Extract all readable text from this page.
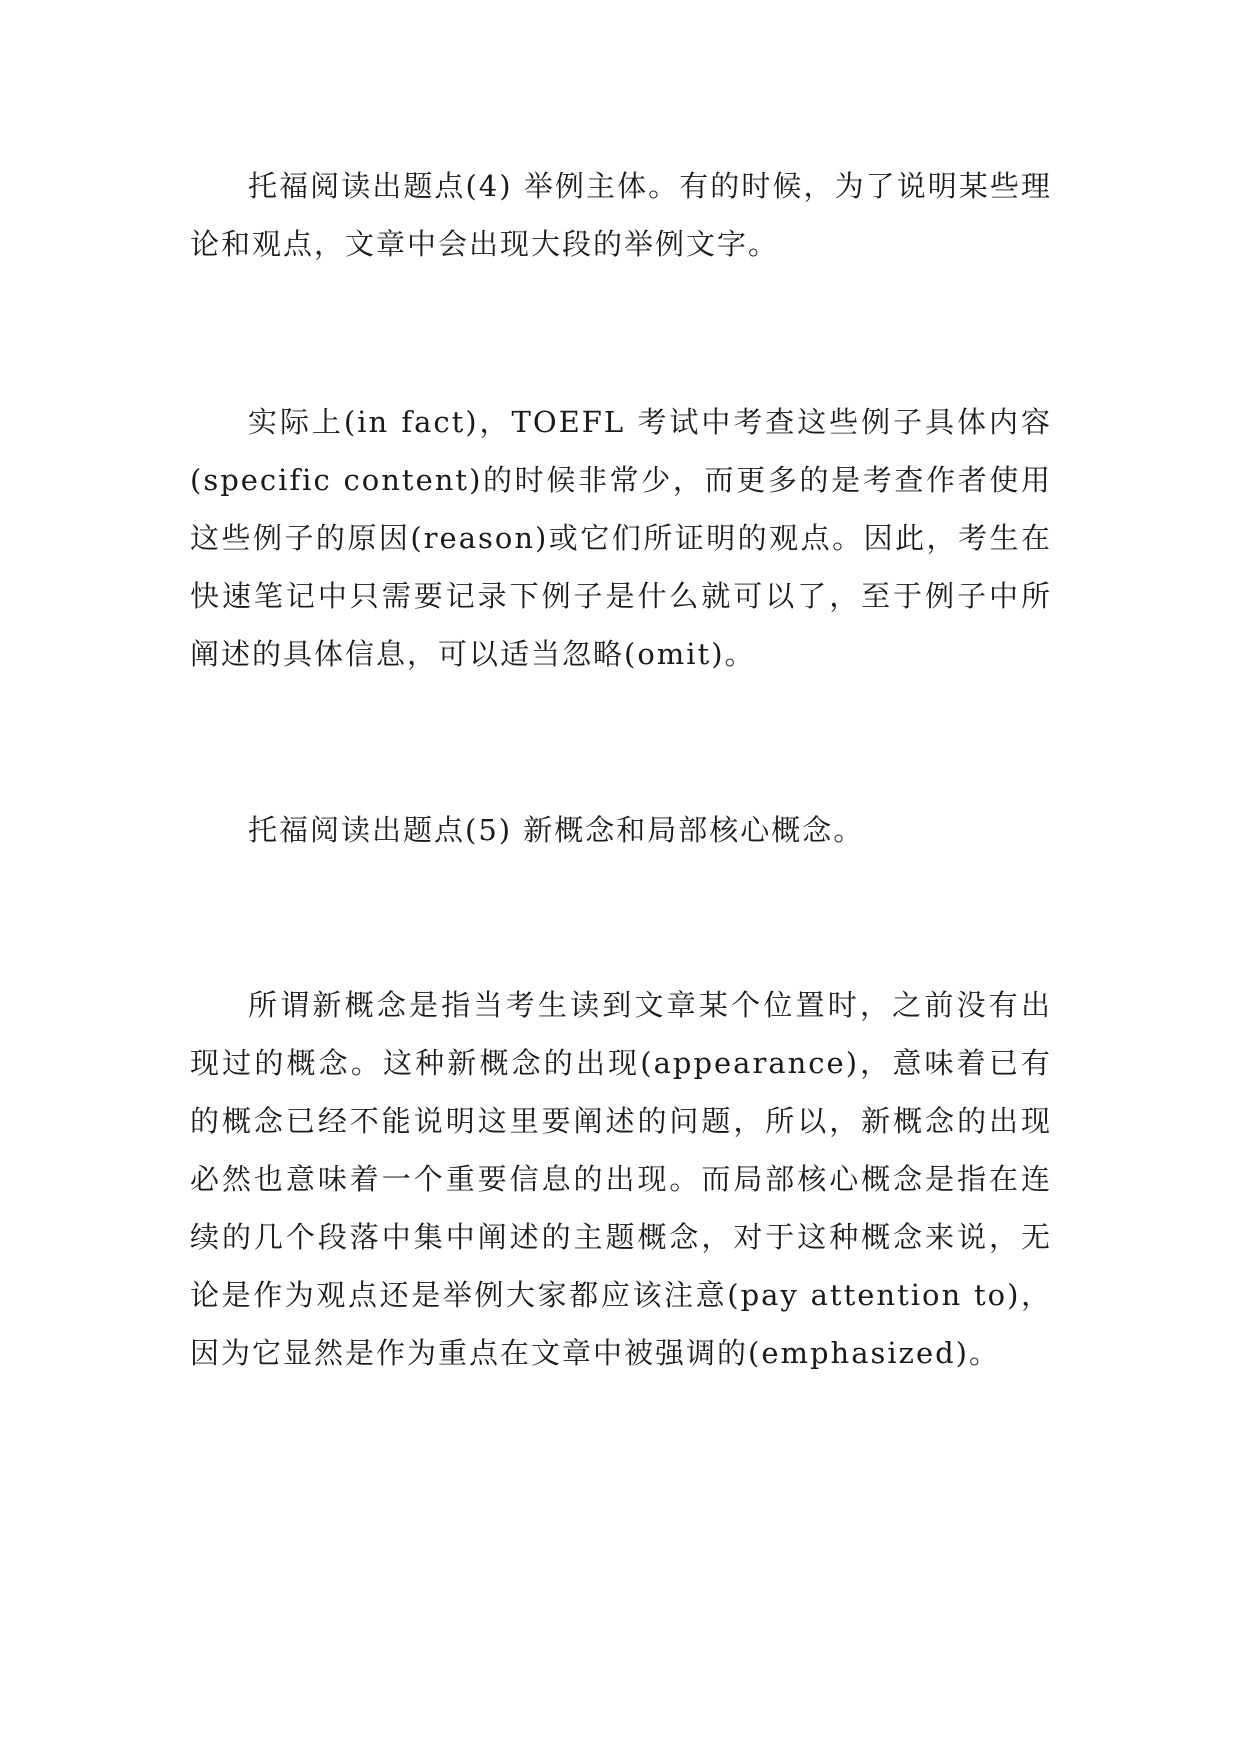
托福阅读出题点(4) 举例主体。有的时候，为了说明某些理论和观点，文章中会出现大段的举例文字。

实际上(in fact)，TOEFL 考试中考查这些例子具体内容(specific content)的时候非常少，而更多的是考查作者使用这些例子的原因(reason)或它们所证明的观点。因此，考生在快速笔记中只需要记录下例子是什么就可以了，至于例子中所阐述的具体信息，可以适当忽略(omit)。

托福阅读出题点(5) 新概念和局部核心概念。

所谓新概念是指当考生读到文章某个位置时，之前没有出现过的概念。这种新概念的出现(appearance)，意味着已有的概念已经不能说明这里要阐述的问题，所以，新概念的出现必然也意味着一个重要信息的出现。而局部核心概念是指在连续的几个段落中集中阐述的主题概念，对于这种概念来说，无论是作为观点还是举例大家都应该注意(pay attention to)，因为它显然是作为重点在文章中被强调的(emphasized)。
